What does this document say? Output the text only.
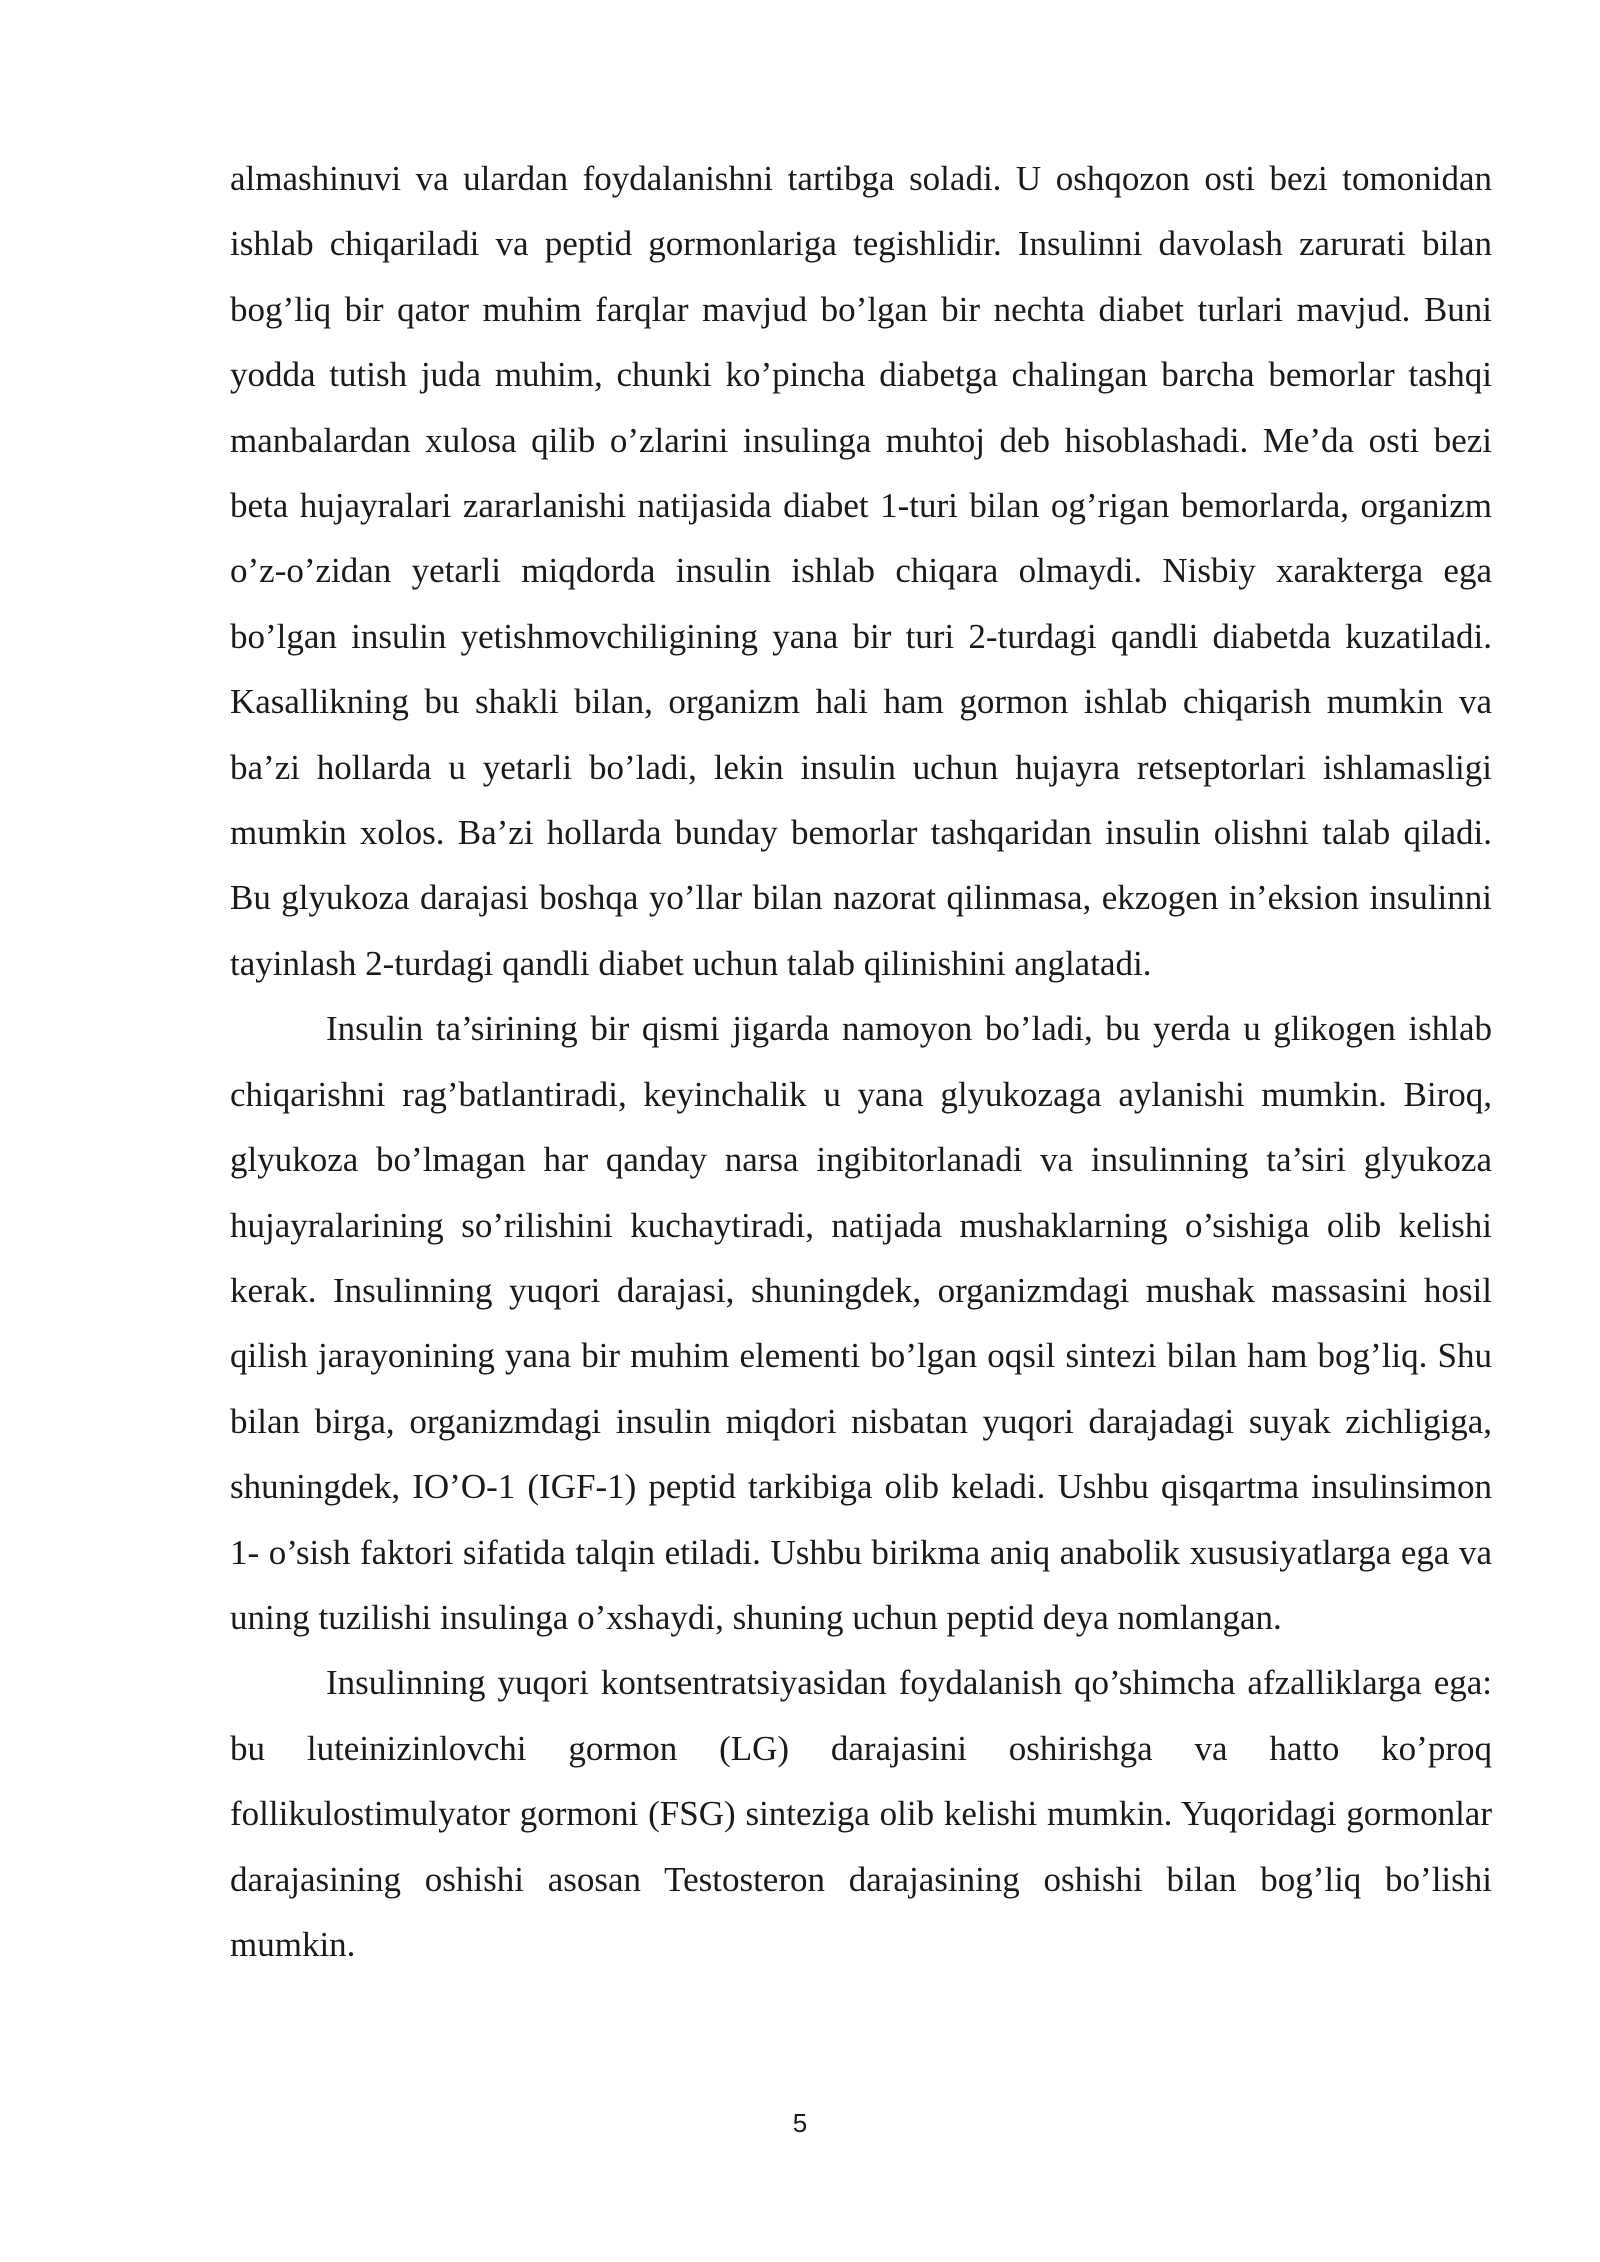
almashinuvi va ulardan foydalanishni tartibga soladi. U oshqozon osti bezi tomonidan ishlab chiqariladi va peptid gormonlariga tegishlidir. Insulinni davolash zarurati bilan bog’liq bir qator muhim farqlar mavjud bo’lgan bir nechta diabet turlari mavjud. Buni yodda tutish juda muhim, chunki ko’pincha diabetga chalingan barcha bemorlar tashqi manbalardan xulosa qilib o’zlarini insulinga muhtoj deb hisoblashadi. Me’da osti bezi beta hujayralari zararlanishi natijasida diabet 1-turi bilan og’rigan bemorlarda, organizm o’z-o’zidan yetarli miqdorda insulin ishlab chiqara olmaydi. Nisbiy xarakterga ega bo’lgan insulin yetishmovchiligining yana bir turi 2-turdagi qandli diabetda kuzatiladi. Kasallikning bu shakli bilan, organizm hali ham gormon ishlab chiqarish mumkin va ba’zi hollarda u yetarli bo’ladi, lekin insulin uchun hujayra retseptorlari ishlamasligi mumkin xolos. Ba’zi hollarda bunday bemorlar tashqaridan insulin olishni talab qiladi. Bu glyukoza darajasi boshqa yo’llar bilan nazorat qilinmasa, ekzogen in’eksion insulinni tayinlash 2-turdagi qandli diabet uchun talab qilinishini anglatadi.

Insulin ta’sirining bir qismi jigarda namoyon bo’ladi, bu yerda u glikogen ishlab chiqarishni rag’batlantiradi, keyinchalik u yana glyukozaga aylanishi mumkin. Biroq, glyukoza bo’lmagan har qanday narsa ingibitorlanadi va insulinning ta’siri glyukoza hujayralarining so’rilishini kuchaytiradi, natijada mushaklarning o’sishiga olib kelishi kerak. Insulinning yuqori darajasi, shuningdek, organizmdagi mushak massasini hosil qilish jarayonining yana bir muhim elementi bo’lgan oqsil sintezi bilan ham bog’liq. Shu bilan birga, organizmdagi insulin miqdori nisbatan yuqori darajadagi suyak zichligiga, shuningdek, IO’O-1 (IGF-1) peptid tarkibiga olib keladi. Ushbu qisqartma insulinsimon 1- o’sish faktori sifatida talqin etiladi. Ushbu birikma aniq anabolik xususiyatlarga ega va uning tuzilishi insulinga o’xshaydi, shuning uchun peptid deya nomlangan.

Insulinning yuqori kontsentratsiyasidan foydalanish qo’shimcha afzalliklarga ega: bu luteinizinlovchi gormon (LG) darajasini oshirishga va hatto ko’proq follikulostimulyator gormoni (FSG) sinteziga olib kelishi mumkin. Yuqoridagi gormonlar darajasining oshishi asosan Testosteron darajasining oshishi bilan bog’liq bo’lishi mumkin.

5
